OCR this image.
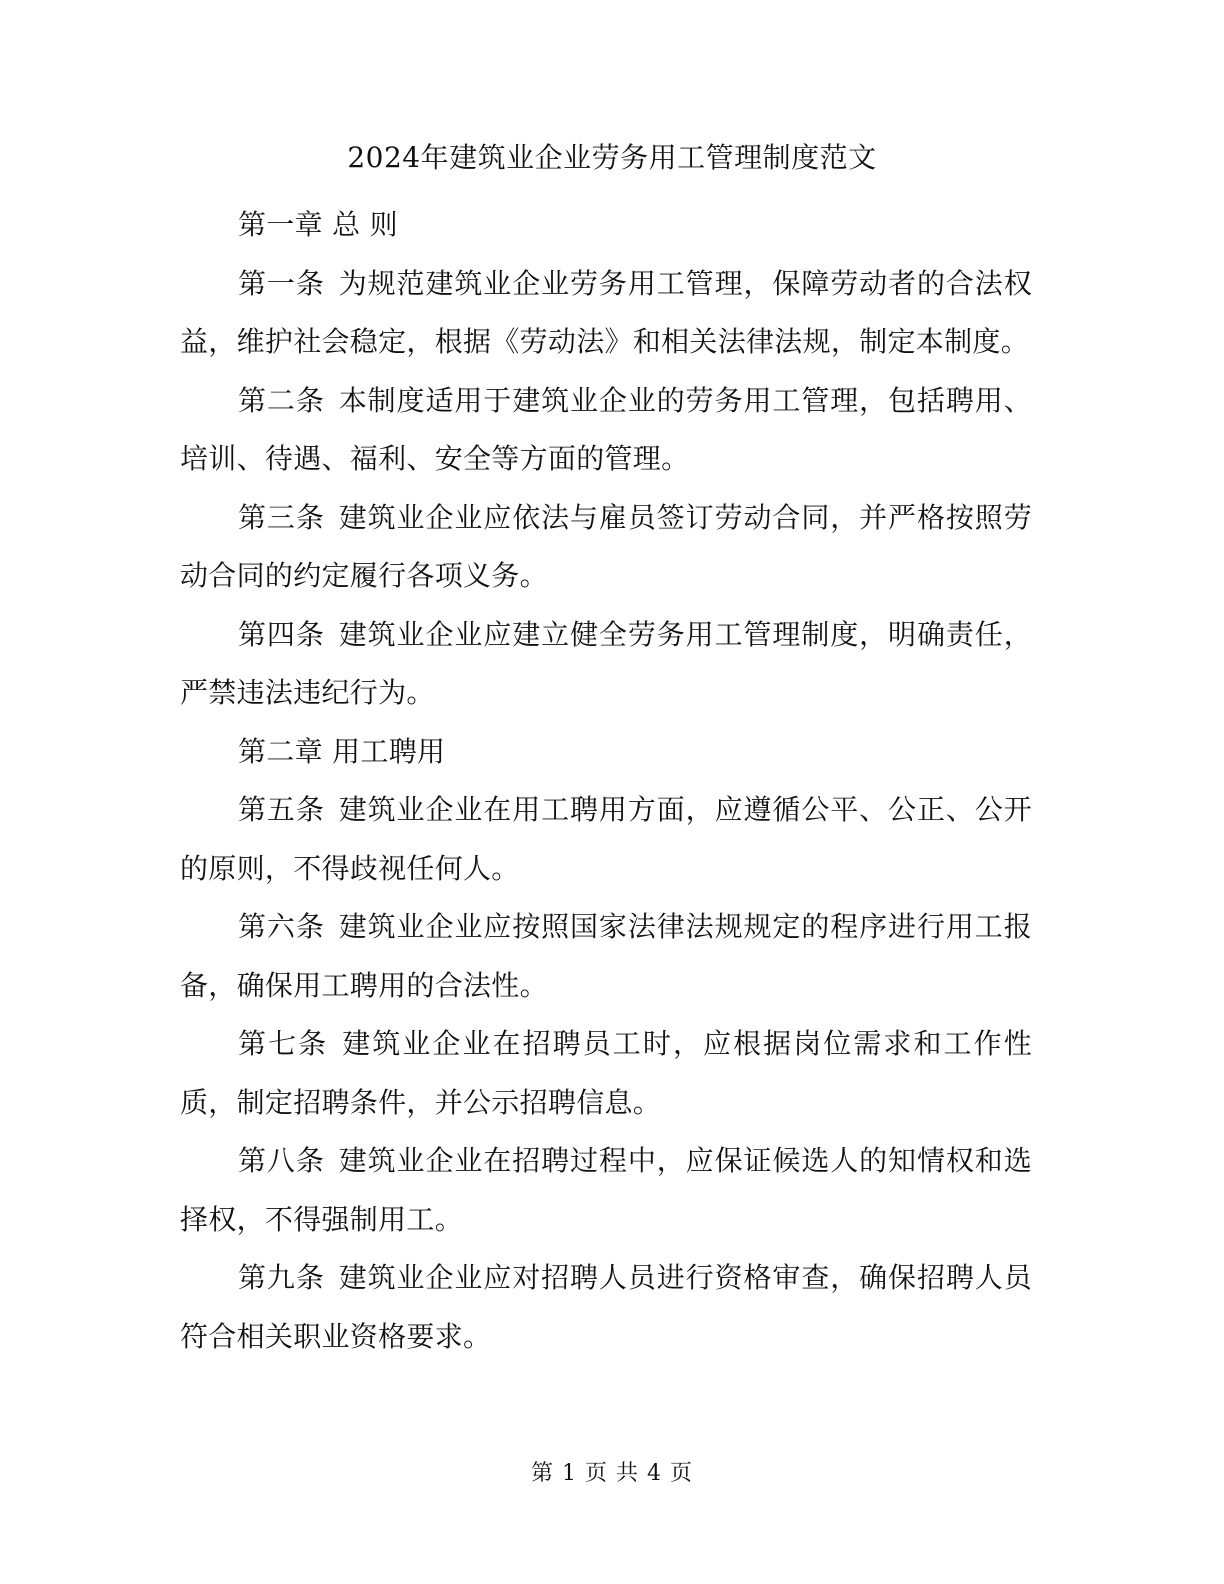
2024年建筑业企业劳务用工管理制度范文

第一章 总 则

第一条 为规范建筑业企业劳务用工管理，保障劳动者的合法权益，维护社会稳定，根据《劳动法》和相关法律法规，制定本制度。

第二条 本制度适用于建筑业企业的劳务用工管理，包括聘用、培训、待遇、福利、安全等方面的管理。

第三条 建筑业企业应依法与雇员签订劳动合同，并严格按照劳动合同的约定履行各项义务。

第四条 建筑业企业应建立健全劳务用工管理制度，明确责任，严禁违法违纪行为。

第二章 用工聘用

第五条 建筑业企业在用工聘用方面，应遵循公平、公正、公开的原则，不得歧视任何人。

第六条 建筑业企业应按照国家法律法规规定的程序进行用工报备，确保用工聘用的合法性。

第七条 建筑业企业在招聘员工时，应根据岗位需求和工作性质，制定招聘条件，并公示招聘信息。

第八条 建筑业企业在招聘过程中，应保证候选人的知情权和选择权，不得强制用工。

第九条 建筑业企业应对招聘人员进行资格审查，确保招聘人员符合相关职业资格要求。

第 1 页 共 4 页
